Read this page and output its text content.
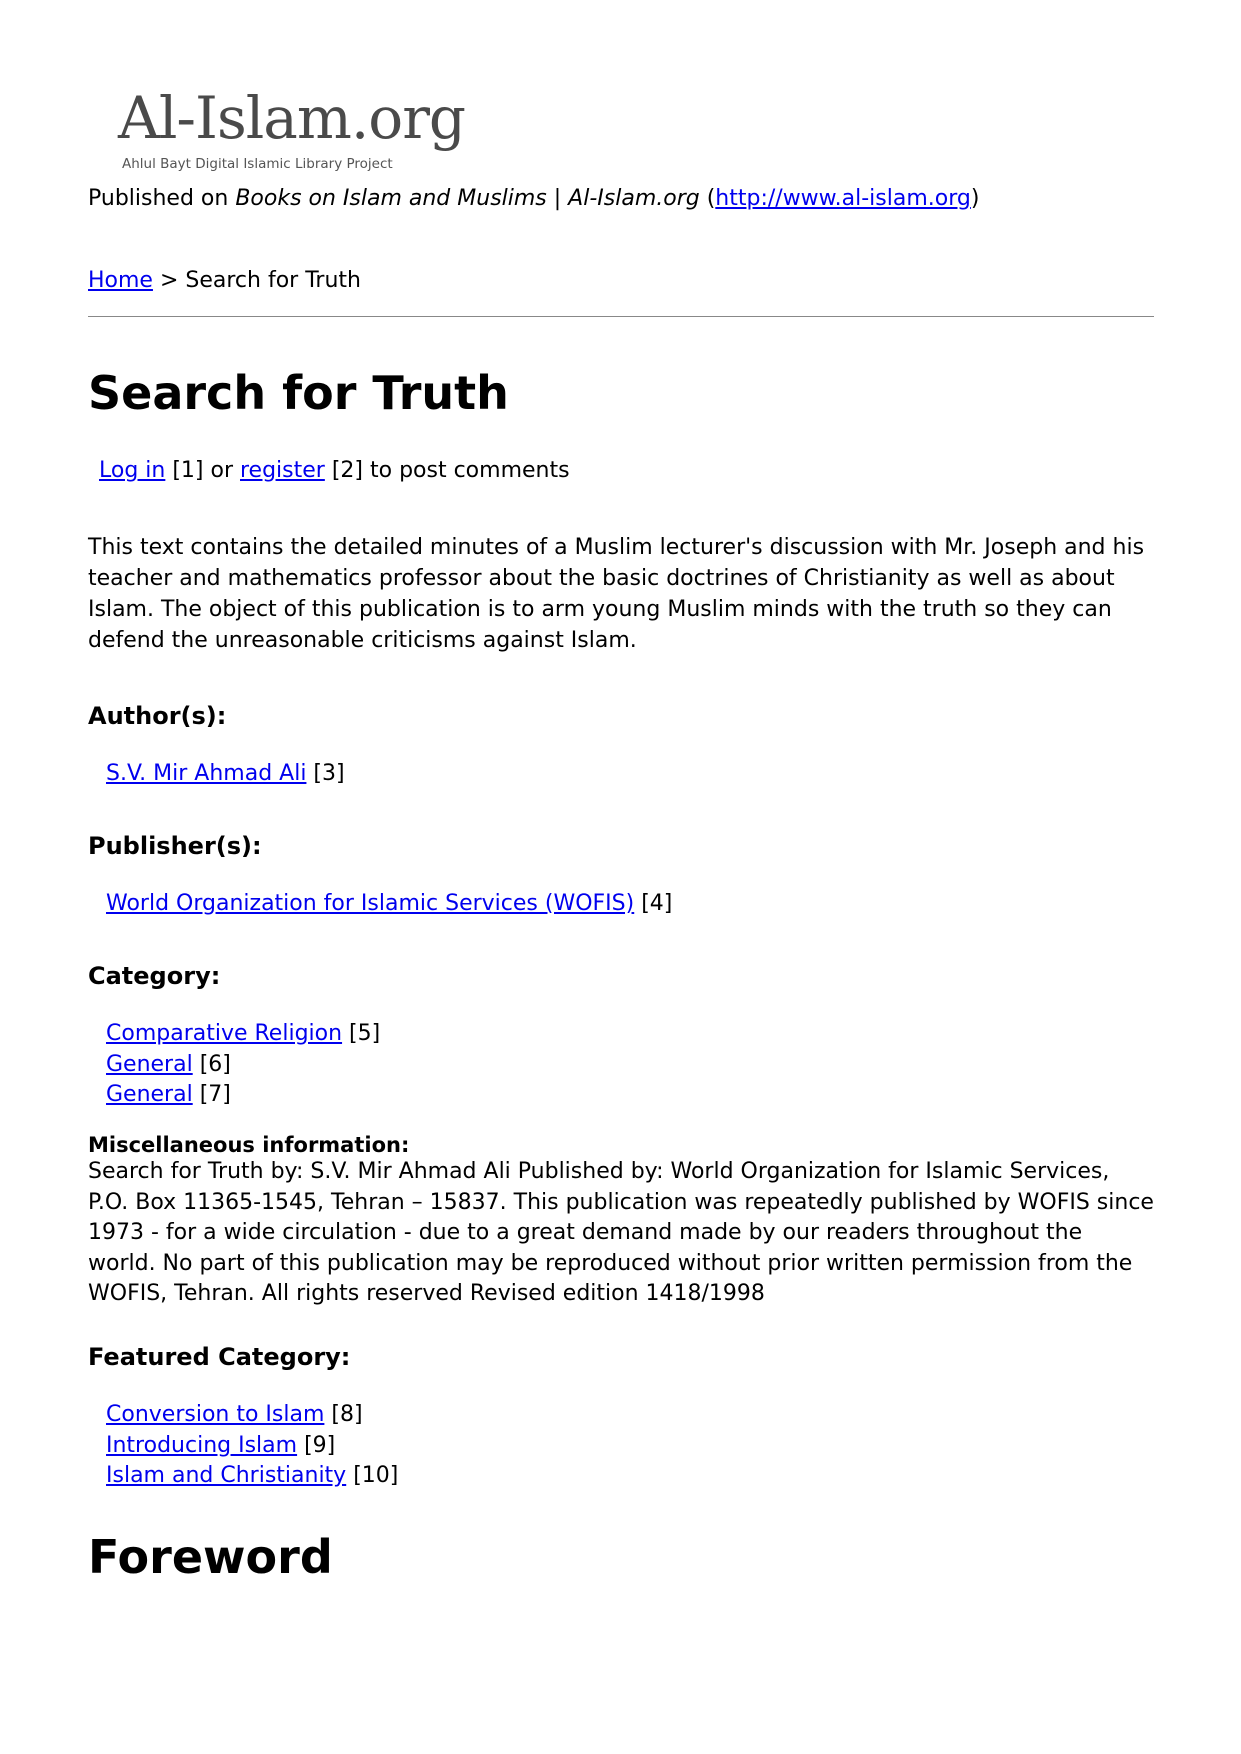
Al-Islam.org
Ahlul Bayt Digital Islamic Library Project
Published on Books on Islam and Muslims | Al-Islam.org (http://www.al-islam.org)
Home > Search for Truth
Search for Truth
Log in [1] or register [2] to post comments

This text contains the detailed minutes of a Muslim lecturer's discussion with Mr. Joseph and his teacher and mathematics professor about the basic doctrines of Christianity as well as about Islam. The object of this publication is to arm young Muslim minds with the truth so they can defend the unreasonable criticisms against Islam.

Author(s):
S.V. Mir Ahmad Ali [3]
Publisher(s):
World Organization for Islamic Services (WOFIS) [4]
Category:
Comparative Religion [5]
General [6]
General [7]
Miscellaneous information:

Search for Truth by: S.V. Mir Ahmad Ali Published by: World Organization for Islamic Services, P.O. Box 11365-1545, Tehran – 15837. This publication was repeatedly published by WOFIS since 1973 - for a wide circulation - due to a great demand made by our readers throughout the world. No part of this publication may be reproduced without prior written permission from the WOFIS, Tehran. All rights reserved Revised edition 1418/1998

Featured Category:
Conversion to Islam [8]
Introducing Islam [9]
Islam and Christianity [10]
Foreword
